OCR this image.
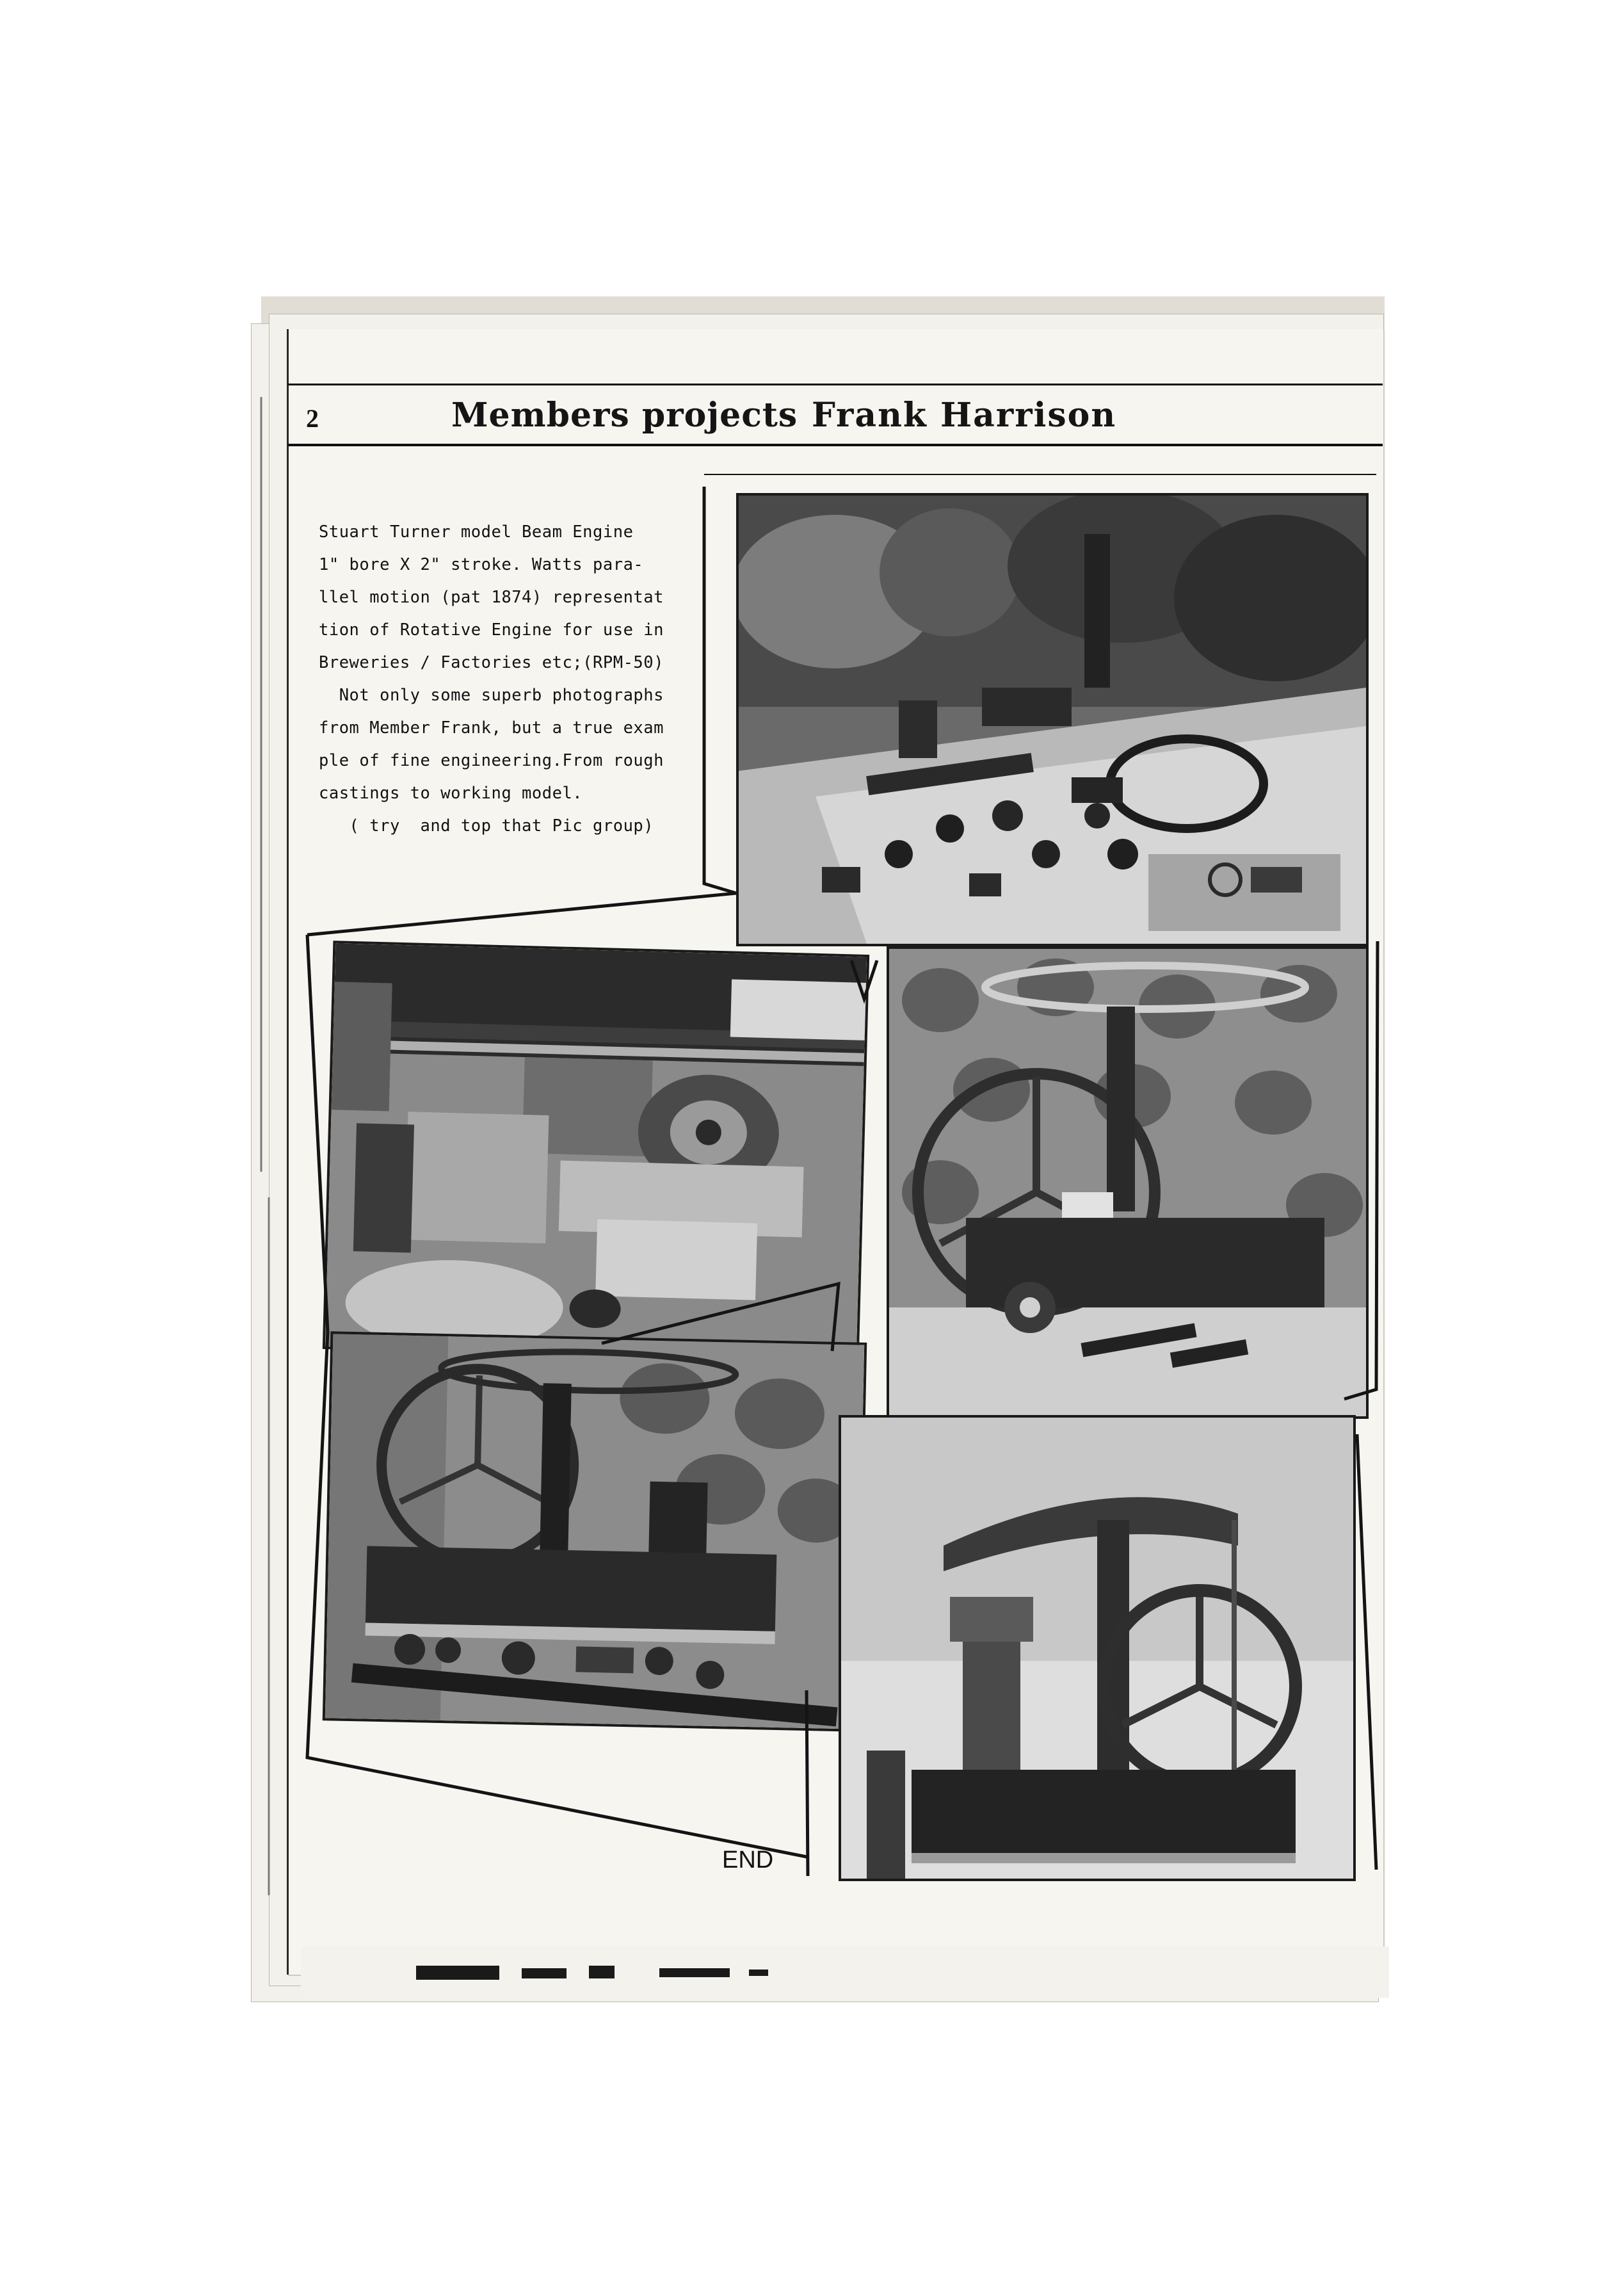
2	Members projects Frank Harrison
Stuart Turner model Beam Engine
1" bore X 2" stroke. Watts para-
llel motion (pat 1874) representat
tion of Rotative Engine for use in
Breweries / Factories etc;(RPM-50)
Not only some superb photographs
from Member Frank, but a true exam
ple of fine engineering.From rough
castings to working model.
( try  and top that Pic group)
END
